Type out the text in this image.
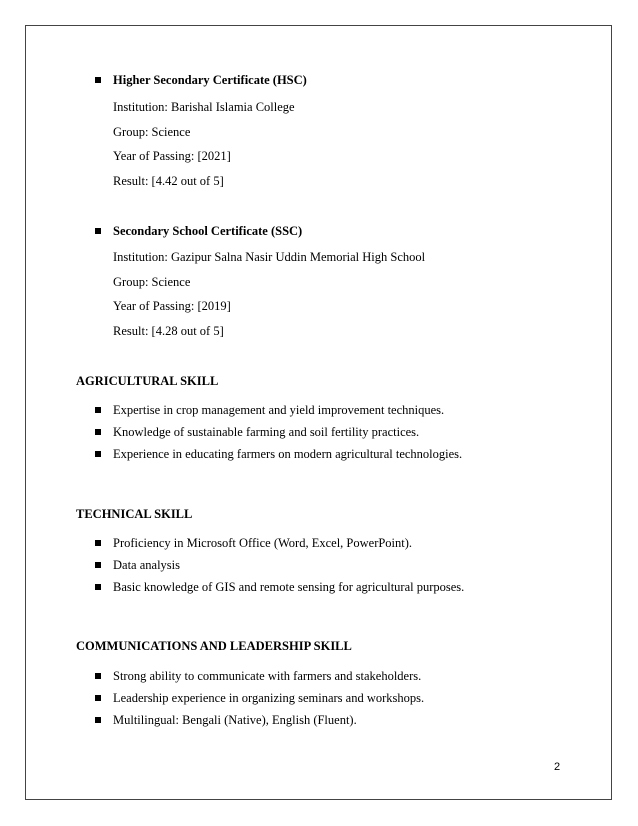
Higher Secondary Certificate (HSC)
Institution: Barishal Islamia College
Group: Science
Year of Passing: [2021]
Result: [4.42 out of 5]
Secondary School Certificate (SSC)
Institution: Gazipur Salna Nasir Uddin Memorial High School
Group: Science
Year of Passing: [2019]
Result: [4.28 out of 5]
AGRICULTURAL SKILL
Expertise in crop management and yield improvement techniques.
Knowledge of sustainable farming and soil fertility practices.
Experience in educating farmers on modern agricultural technologies.
TECHNICAL SKILL
Proficiency in Microsoft Office (Word, Excel, PowerPoint).
Data analysis
Basic knowledge of GIS and remote sensing for agricultural purposes.
COMMUNICATIONS AND LEADERSHIP SKILL
Strong ability to communicate with farmers and stakeholders.
Leadership experience in organizing seminars and workshops.
Multilingual: Bengali (Native), English (Fluent).
2
